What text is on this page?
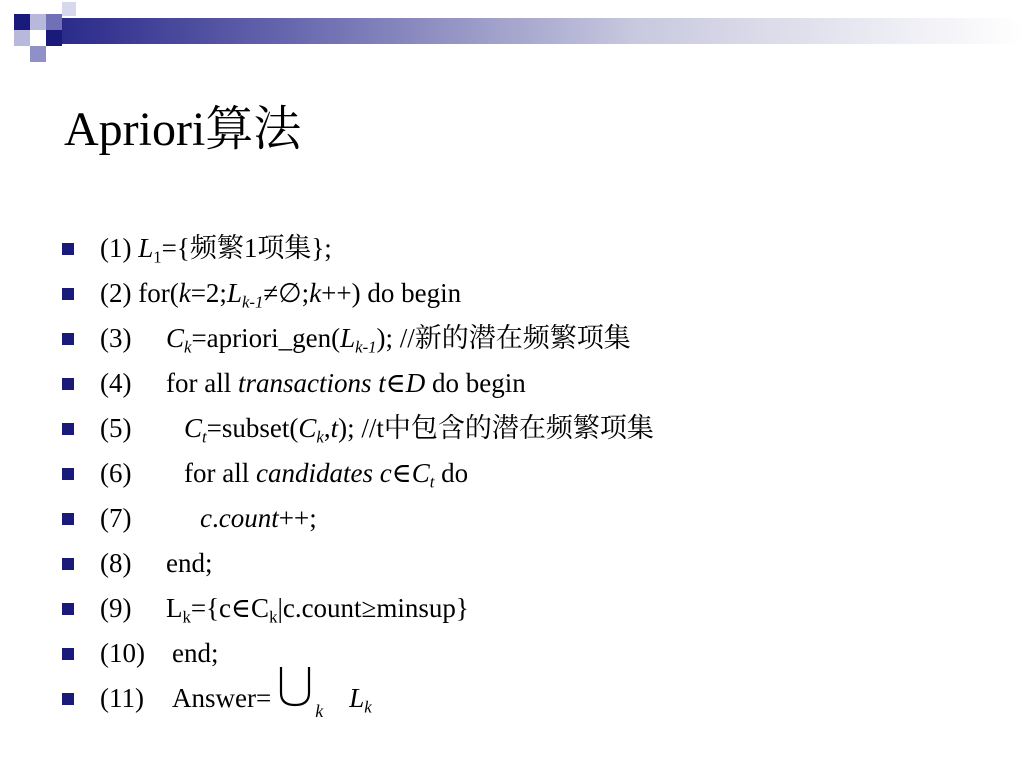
Apriori算法
(1) $L_1=${频繁1项集};
(2) $for(k=2;L_{k-1}\ne\emptyset;k++)$ do begin
(3) $C_k=apriori\_gen(L_{k-1})$; //新的潜在频繁项集
(4) for all transactions t∈D do begin
(5) $C_t=subset(C_k,t)$; //t中包含的潜在频繁项集
(6) for all candidates $c\in C_t$ do
(7)	c.count++;
(8) end;
(9) $L_k=\{c\in C_k|c.count\ge minsup\}$
(10) end;
(11) Answer= k $L_k$
